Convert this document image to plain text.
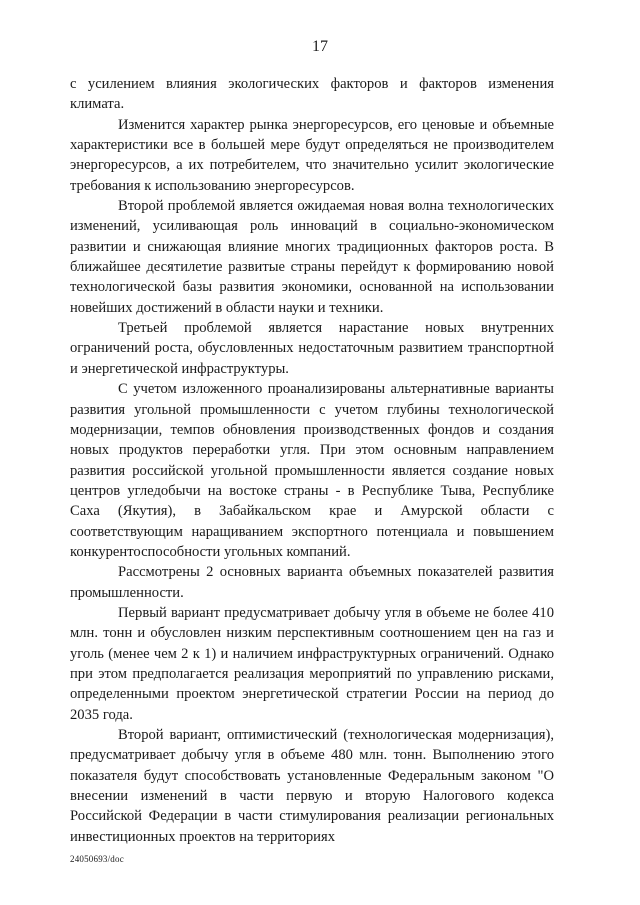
17

с усилением влияния экологических факторов и факторов изменения климата.

Изменится характер рынка энергоресурсов, его ценовые и объемные характеристики все в большей мере будут определяться не производителем энергоресурсов, а их потребителем, что значительно усилит экологические требования к использованию энергоресурсов.

Второй проблемой является ожидаемая новая волна технологических изменений, усиливающая роль инноваций в социально-экономическом развитии и снижающая влияние многих традиционных факторов роста. В ближайшее десятилетие развитые страны перейдут к формированию новой технологической базы развития экономики, основанной на использовании новейших достижений в области науки и техники.

Третьей проблемой является нарастание новых внутренних ограничений роста, обусловленных недостаточным развитием транспортной и энергетической инфраструктуры.

С учетом изложенного проанализированы альтернативные варианты развития угольной промышленности с учетом глубины технологической модернизации, темпов обновления производственных фондов и создания новых продуктов переработки угля. При этом основным направлением развития российской угольной промышленности является создание новых центров угледобычи на востоке страны - в Республике Тыва, Республике Саха (Якутия), в Забайкальском крае и Амурской области с соответствующим наращиванием экспортного потенциала и повышением конкурентоспособности угольных компаний.

Рассмотрены 2 основных варианта объемных показателей развития промышленности.

Первый вариант предусматривает добычу угля в объеме не более 410 млн. тонн и обусловлен низким перспективным соотношением цен на газ и уголь (менее чем 2 к 1) и наличием инфраструктурных ограничений. Однако при этом предполагается реализация мероприятий по управлению рисками, определенными проектом энергетической стратегии России на период до 2035 года.

Второй вариант, оптимистический (технологическая модернизация), предусматривает добычу угля в объеме 480 млн. тонн. Выполнению этого показателя будут способствовать установленные Федеральным законом "О внесении изменений в части первую и вторую Налогового кодекса Российской Федерации в части стимулирования реализации региональных инвестиционных проектов на территориях

24050693/doc
